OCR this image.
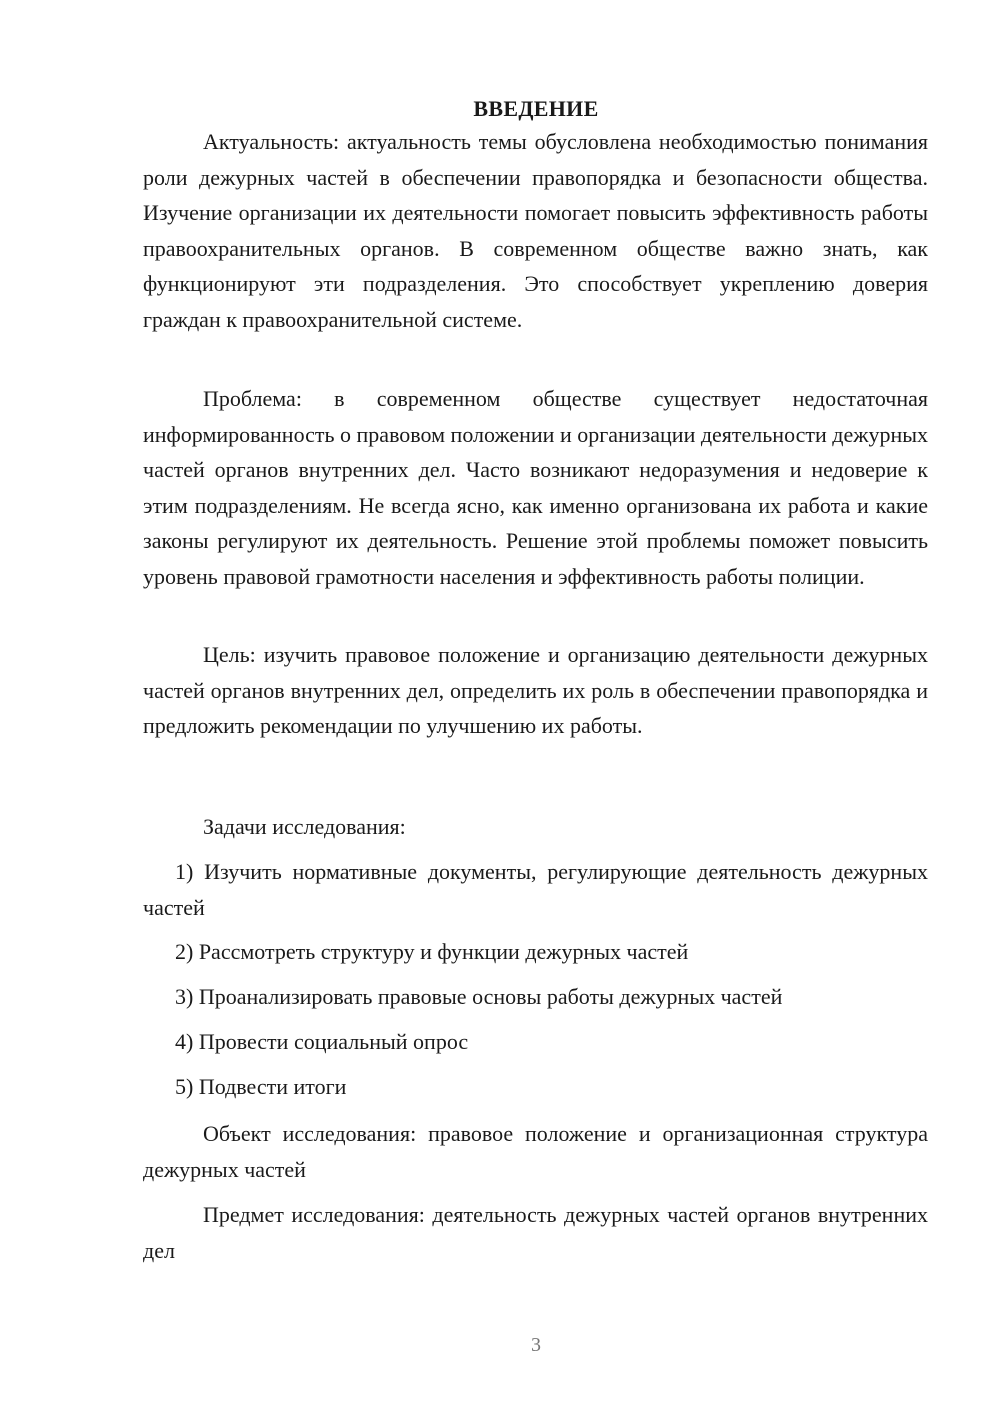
ВВЕДЕНИЕ

Актуальность: актуальность темы обусловлена необходимостью понимания роли дежурных частей в обеспечении правопорядка и безопасности общества. Изучение организации их деятельности помогает повысить эффективность работы правоохранительных органов. В современном обществе важно знать, как функционируют эти подразделения. Это способствует укреплению доверия граждан к правоохранительной системе.

Проблема: в современном обществе существует недостаточная информированность о правовом положении и организации деятельности дежурных частей органов внутренних дел. Часто возникают недоразумения и недоверие к этим подразделениям. Не всегда ясно, как именно организована их работа и какие законы регулируют их деятельность. Решение этой проблемы поможет повысить уровень правовой грамотности населения и эффективность работы полиции.

Цель: изучить правовое положение и организацию деятельности дежурных частей органов внутренних дел, определить их роль в обеспечении правопорядка и предложить рекомендации по улучшению их работы.

Задачи исследования:

1) Изучить нормативные документы, регулирующие деятельность дежурных частей

2) Рассмотреть структуру и функции дежурных частей
3) Проанализировать правовые основы работы дежурных частей
4) Провести социальный опрос
5) Подвести итоги

Объект исследования: правовое положение и организационная структура дежурных частей

Предмет исследования: деятельность дежурных частей органов внутренних дел

3
